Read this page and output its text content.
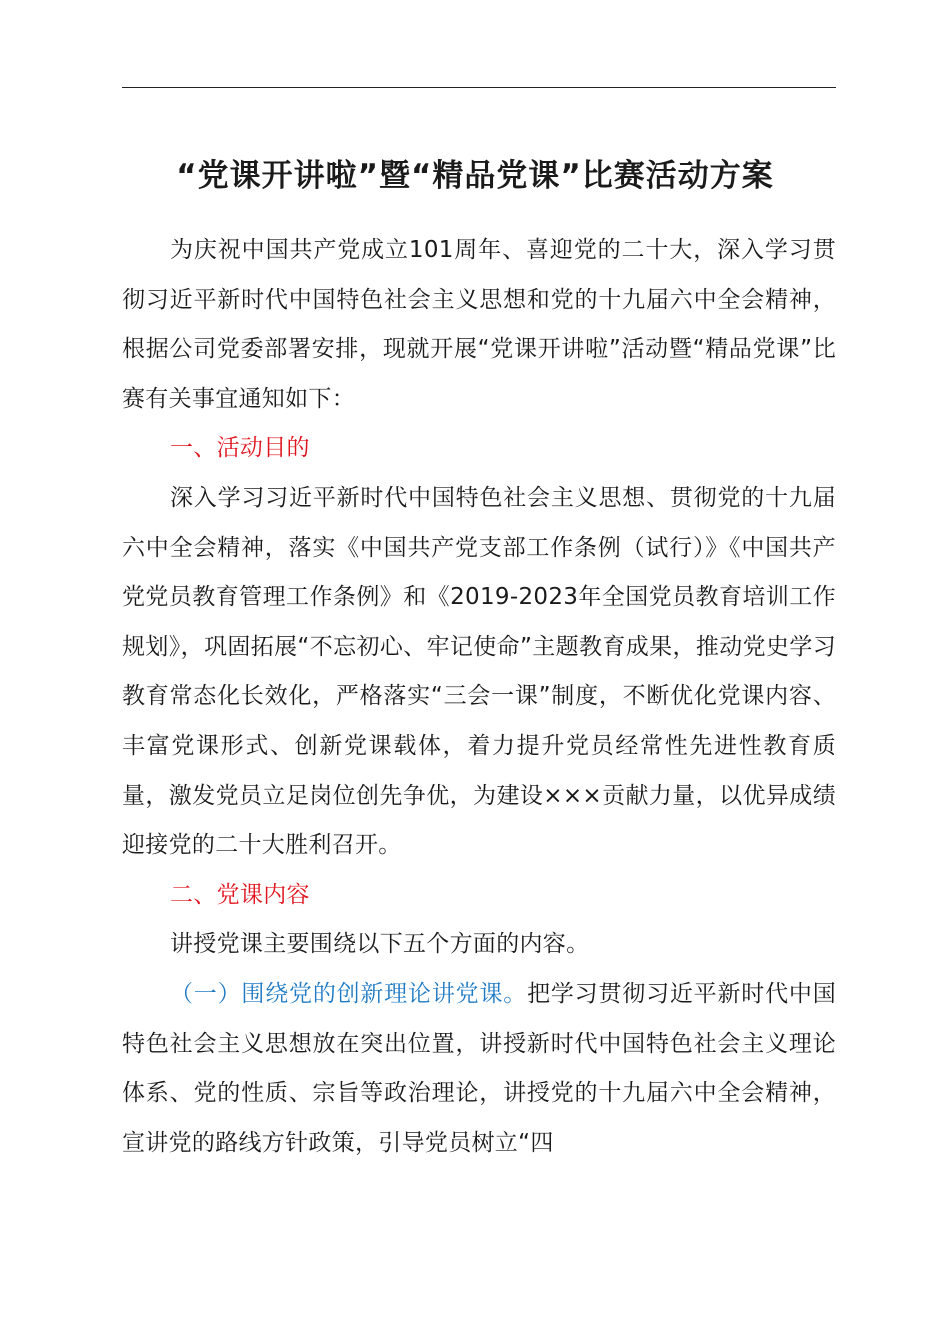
“党课开讲啦”暨“精品党课”比赛活动方案

为庆祝中国共产党成立101周年、喜迎党的二十大，深入学习贯彻习近平新时代中国特色社会主义思想和党的十九届六中全会精神，根据公司党委部署安排，现就开展“党课开讲啦”活动暨“精品党课”比赛有关事宜通知如下：

一、活动目的

深入学习习近平新时代中国特色社会主义思想、贯彻党的十九届六中全会精神，落实《中国共产党支部工作条例（试行）》《中国共产党党员教育管理工作条例》和《2019-2023年全国党员教育培训工作规划》，巩固拓展“不忘初心、牢记使命”主题教育成果，推动党史学习教育常态化长效化，严格落实“三会一课”制度，不断优化党课内容、丰富党课形式、创新党课载体，着力提升党员经常性先进性教育质量，激发党员立足岗位创先争优，为建设×××贡献力量，以优异成绩迎接党的二十大胜利召开。

二、党课内容

讲授党课主要围绕以下五个方面的内容。

（一）围绕党的创新理论讲党课。把学习贯彻习近平新时代中国特色社会主义思想放在突出位置，讲授新时代中国特色社会主义理论体系、党的性质、宗旨等政治理论，讲授党的十九届六中全会精神，宣讲党的路线方针政策，引导党员树立“四
